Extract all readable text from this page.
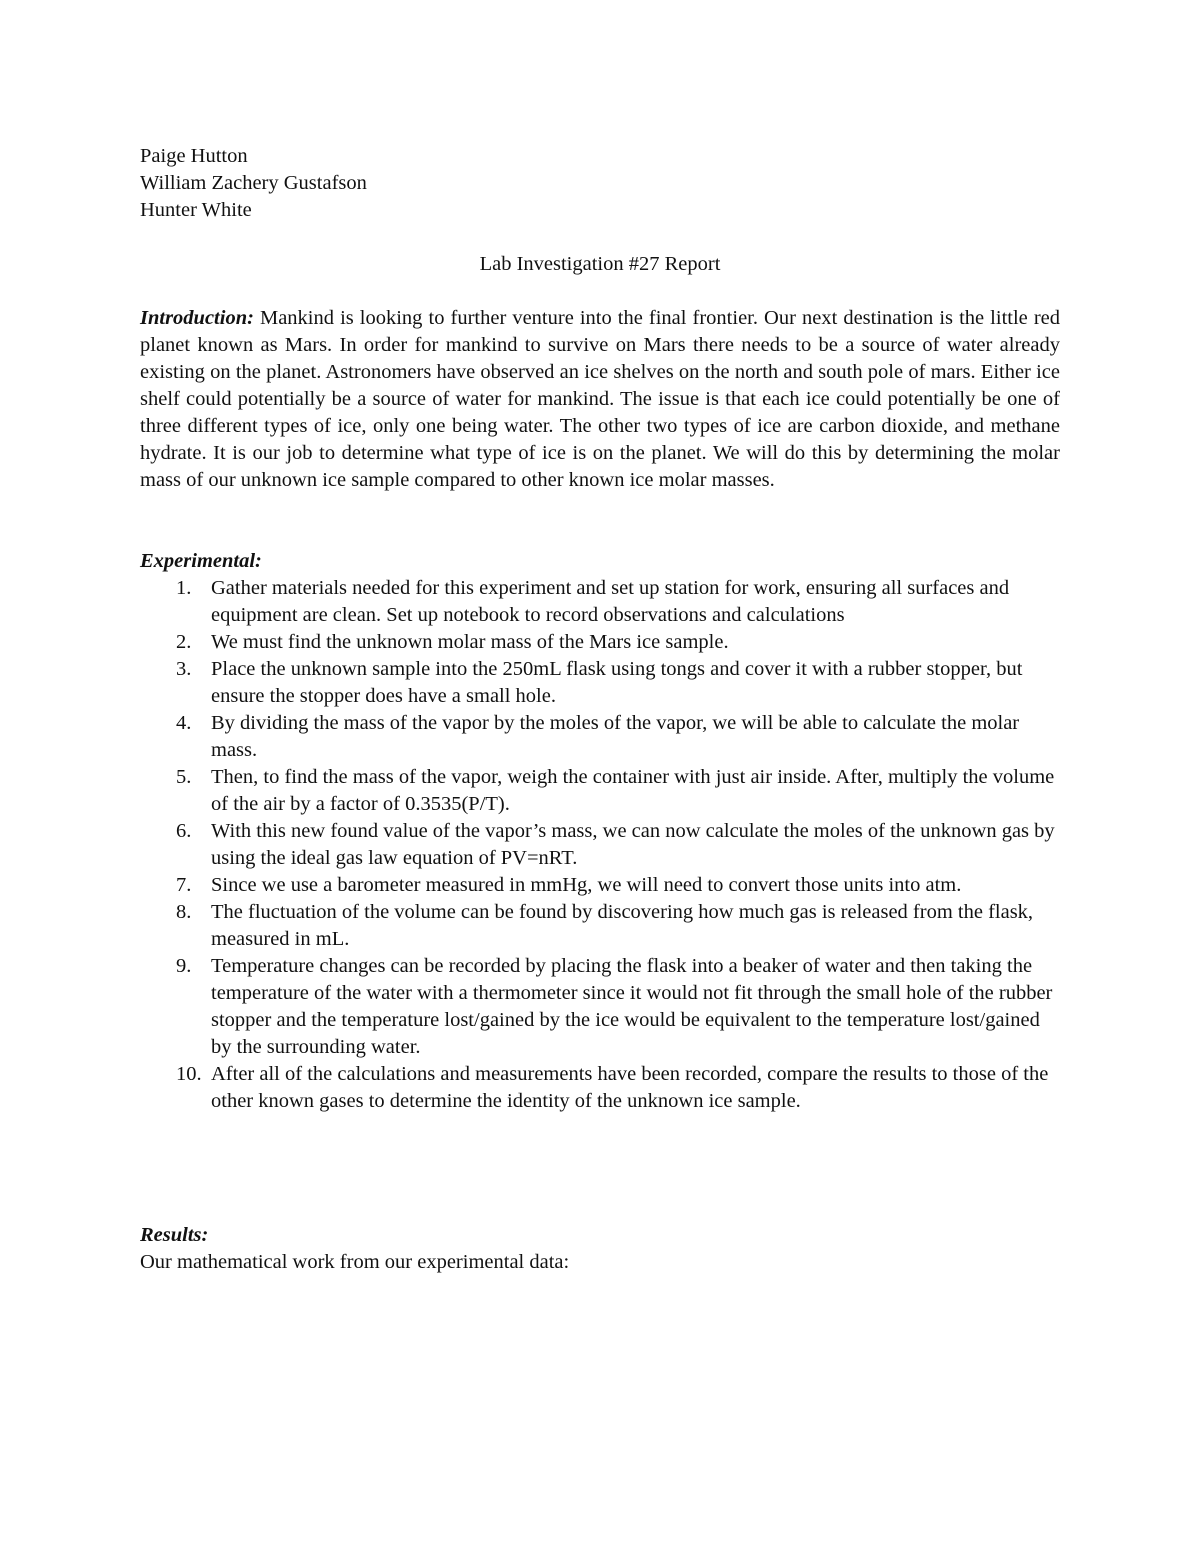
Paige Hutton
William Zachery Gustafson
Hunter White
Lab Investigation #27 Report
Introduction: Mankind is looking to further venture into the final frontier. Our next destination is the little red planet known as Mars. In order for mankind to survive on Mars there needs to be a source of water already existing on the planet. Astronomers have observed an ice shelves on the north and south pole of mars. Either ice shelf could potentially be a source of water for mankind. The issue is that each ice could potentially be one of three different types of ice, only one being water. The other two types of ice are carbon dioxide, and methane hydrate. It is our job to determine what type of ice is on the planet. We will do this by determining the molar mass of our unknown ice sample compared to other known ice molar masses.
Experimental:
1. Gather materials needed for this experiment and set up station for work, ensuring all surfaces and equipment are clean. Set up notebook to record observations and calculations
2. We must find the unknown molar mass of the Mars ice sample.
3. Place the unknown sample into the 250mL flask using tongs and cover it with a rubber stopper, but ensure the stopper does have a small hole.
4. By dividing the mass of the vapor by the moles of the vapor, we will be able to calculate the molar mass.
5. Then, to find the mass of the vapor, weigh the container with just air inside. After, multiply the volume of the air by a factor of 0.3535(P/T).
6. With this new found value of the vapor’s mass, we can now calculate the moles of the unknown gas by using the ideal gas law equation of PV=nRT.
7. Since we use a barometer measured in mmHg, we will need to convert those units into atm.
8. The fluctuation of the volume can be found by discovering how much gas is released from the flask, measured in mL.
9. Temperature changes can be recorded by placing the flask into a beaker of water and then taking the temperature of the water with a thermometer since it would not fit through the small hole of the rubber stopper and the temperature lost/gained by the ice would be equivalent to the temperature lost/gained by the surrounding water.
10. After all of the calculations and measurements have been recorded, compare the results to those of the other known gases to determine the identity of the unknown ice sample.
Results:
Our mathematical work from our experimental data:
